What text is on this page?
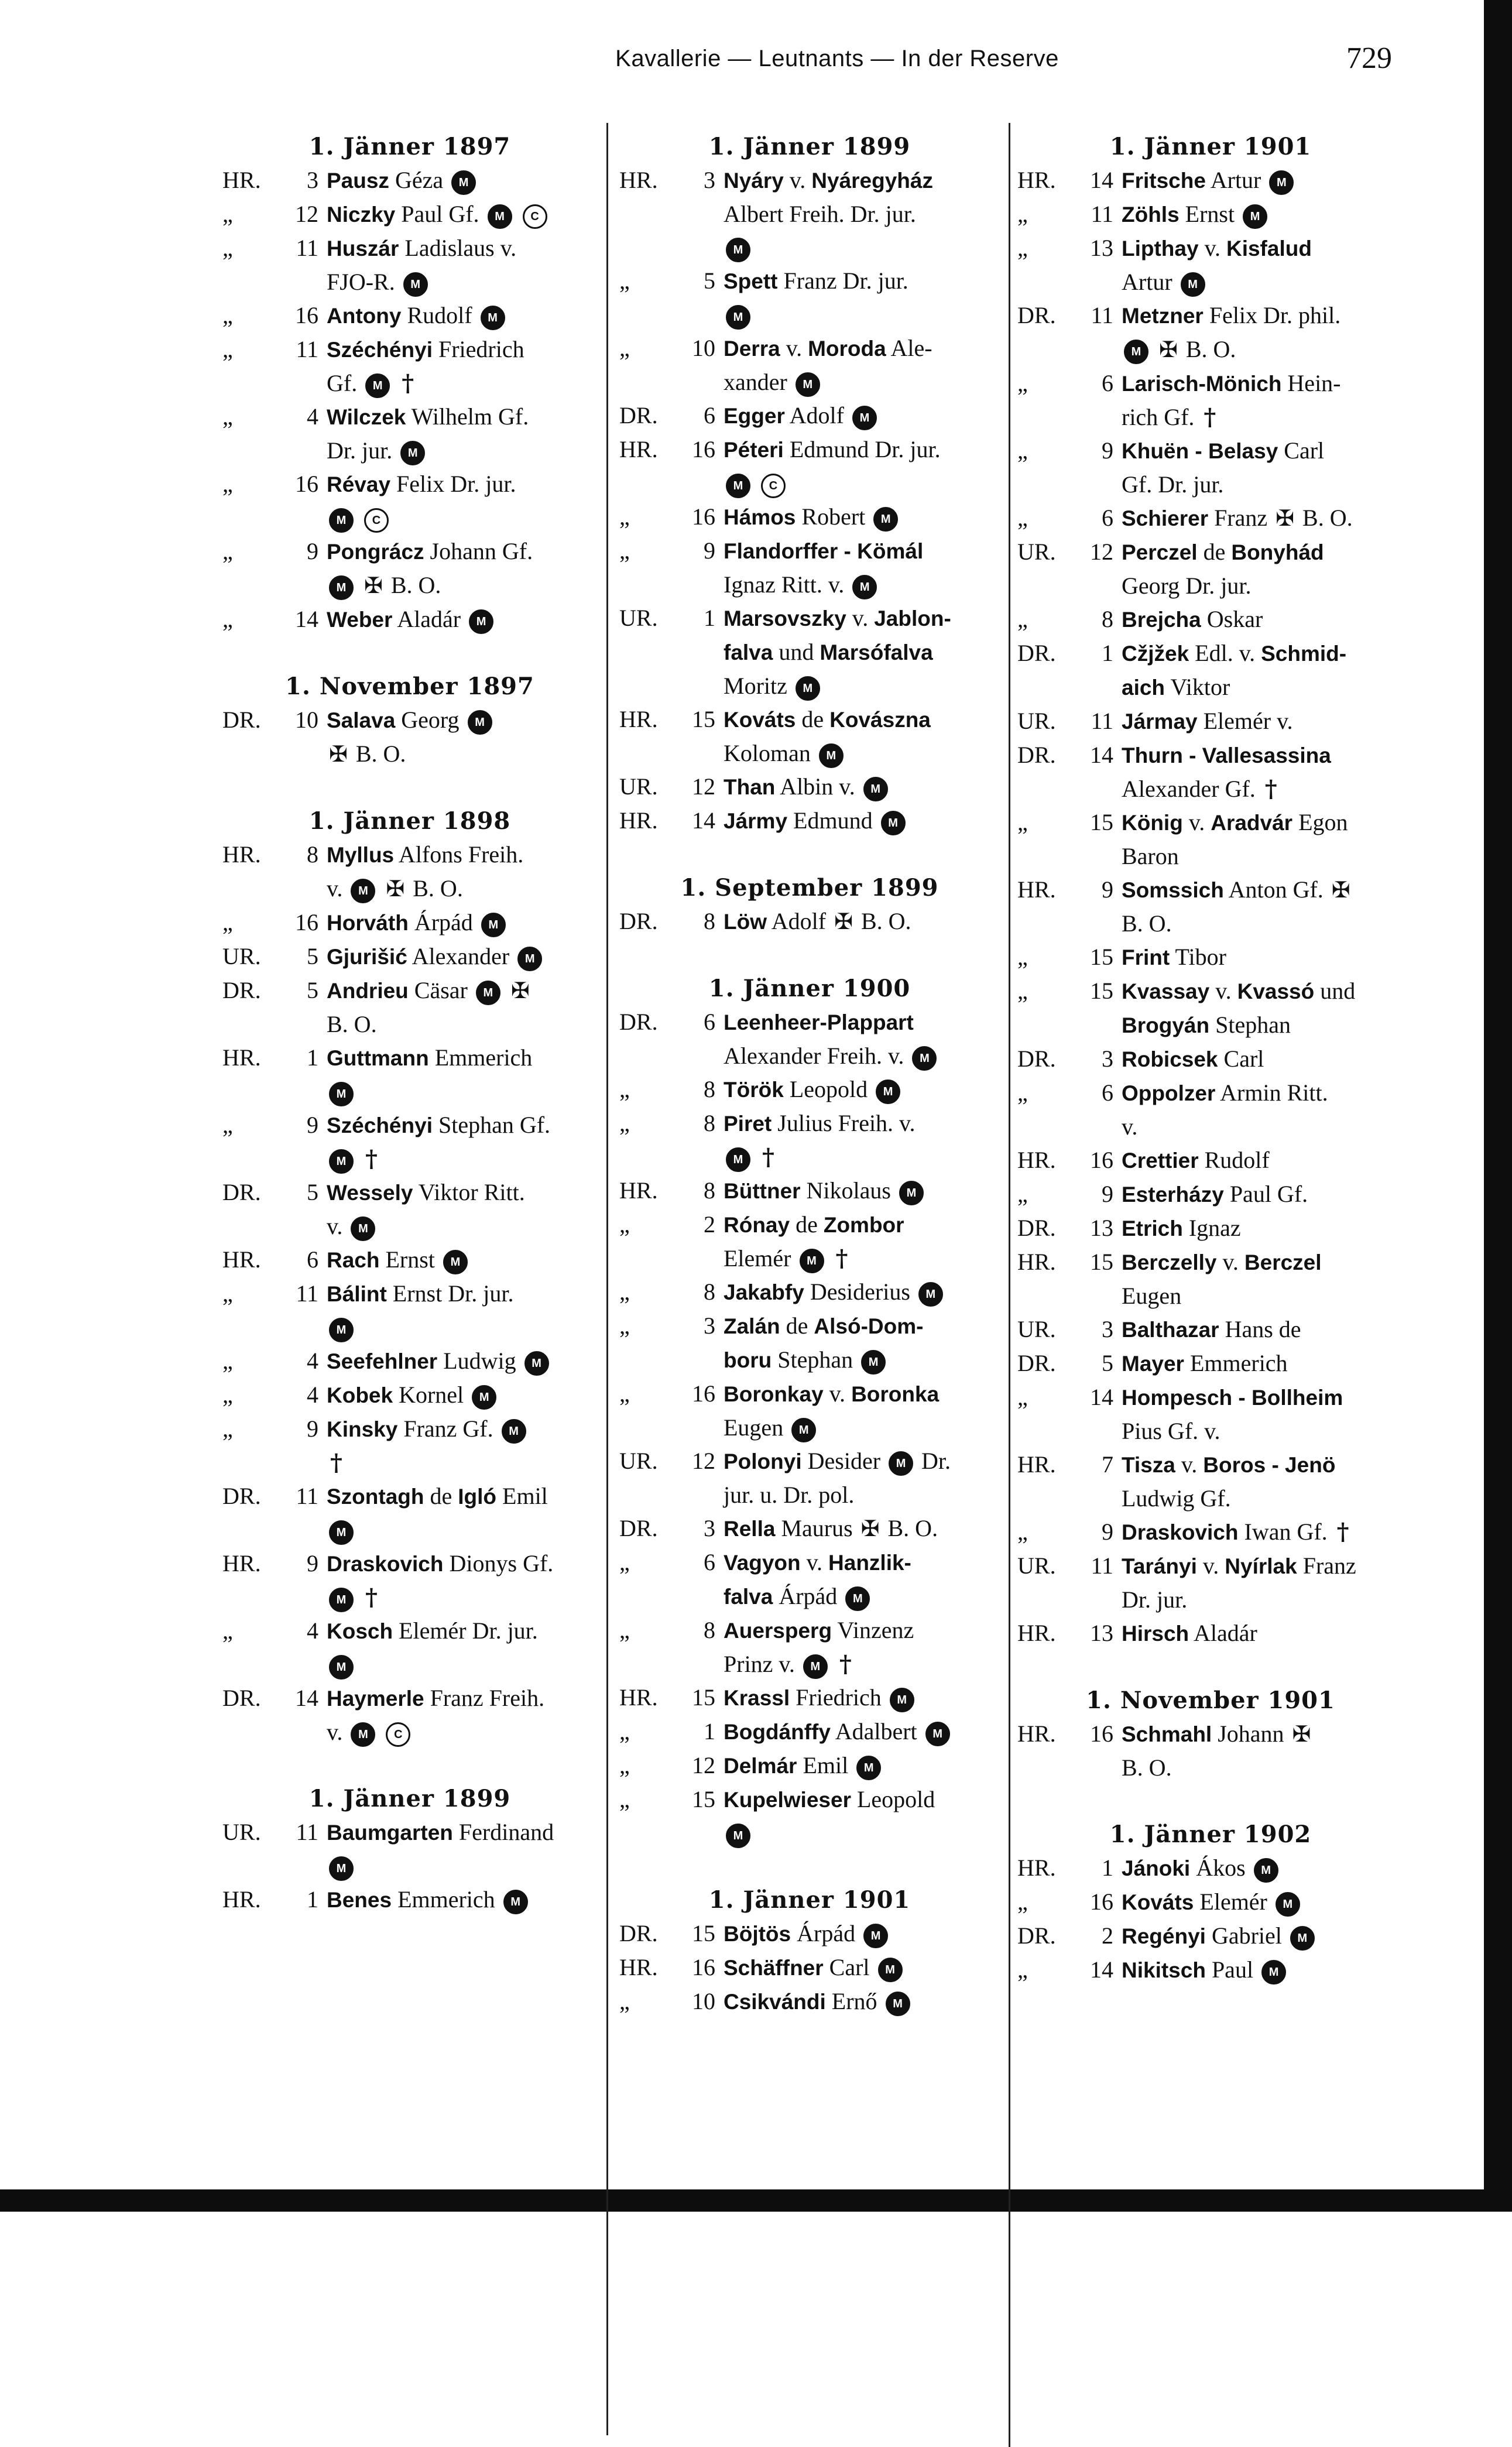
Kavallerie — Leutnants — In der Reserve	729
1. Jänner 1897
HR. 3 Pausz Géza M
„	12 Niczky Paul Gf. M C
„	11 Huszár Ladislaus v.
FJO-R. M
„	16 Antony Rudolf M
„	11 Széchényi Friedrich
Gf. M †
„	4 Wilczek Wilhelm Gf.
Dr. jur. M
„	16 Révay Felix Dr. jur.
M C
„	9 Pongrácz Johann Gf.
M ✠ B. O.
„	14 Weber Aladár M
1. November 1897
DR. 10 Salava Georg M
✠ B. O.
1. Jänner 1898
HR. 8 Myllus Alfons Freih.
v. M ✠ B. O.
„	16 Horváth Árpád M
UR. 5 Gjurišić Alexander M
DR. 5 Andrieu Cäsar M ✠
B. O.
HR. 1 Guttmann Emmerich
M
„	9 Széchényi Stephan Gf.
M †
DR. 5 Wessely Viktor Ritt.
v. M
HR. 6 Rach Ernst M
„	11 Bálint Ernst Dr. jur.
M
„	4 Seefehlner Ludwig M
„	4 Kobek Kornel M
„	9 Kinsky Franz Gf. M
†
DR. 11 Szontagh de Igló Emil
M
HR. 9 Draskovich Dionys Gf.
M †
„	4 Kosch Elemér Dr. jur.
M
DR. 14 Haymerle Franz Freih.
v. M C
1. Jänner 1899
UR. 11 Baumgarten Ferdinand
M
HR. 1 Benes Emmerich M
1. Jänner 1899
HR. 3 Nyáry v. Nyáregyház
Albert Freih. Dr. jur.
M
„	5 Spett Franz Dr. jur.
M
„	10 Derra v. Moroda Ale-
xander M
DR. 6 Egger Adolf M
HR. 16 Péteri Edmund Dr. jur.
M C
„	16 Hámos Robert M
„	9 Flandorffer - Kömál
Ignaz Ritt. v. M
UR. 1 Marsovszky v. Jablon-
falva und Marsófalva
Moritz M
HR. 15 Kováts de Kovászna
Koloman M
UR. 12 Than Albin v. M
HR. 14 Jármy Edmund M
1. September 1899
DR. 8 Löw Adolf ✠ B. O.
1. Jänner 1900
DR. 6 Leenheer-Plappart
Alexander Freih. v. M
„	8 Török Leopold M
„	8 Piret Julius Freih. v.
M †
HR. 8 Büttner Nikolaus M
„	2 Rónay de Zombor
Elemér M †
„	8 Jakabfy Desiderius M
„	3 Zalán de Alsó-Dom-
boru Stephan M
„	16 Boronkay v. Boronka
Eugen M
UR. 12 Polonyi Desider M Dr.
jur. u. Dr. pol.
DR. 3 Rella Maurus ✠ B. O.
„	6 Vagyon v. Hanzlik-
falva Árpád M
„	8 Auersperg Vinzenz
Prinz v. M †
HR. 15 Krassl Friedrich M
„	1 Bogdánffy Adalbert M
„	12 Delmár Emil M
„	15 Kupelwieser Leopold
M
1. Jänner 1901
DR. 15 Böjtös Árpád M
HR. 16 Schäffner Carl M
„	10 Csikvándi Ernő M
1. Jänner 1901
HR. 14 Fritsche Artur M
„	11 Zöhls Ernst M
„	13 Lipthay v. Kisfalud
Artur M
DR. 11 Metzner Felix Dr. phil.
M ✠ B. O.
„	6 Larisch-Mönich Hein-
rich Gf. †
„	9 Khuën - Belasy Carl
Gf. Dr. jur.
„	6 Schierer Franz ✠ B. O.
UR. 12 Perczel de Bonyhád
Georg Dr. jur.
„	8 Brejcha Oskar
DR. 1 Cžjžek Edl. v. Schmid-
aich Viktor
UR. 11 Jármay Elemér v.
DR. 14 Thurn - Vallesassina
Alexander Gf. †
„	15 König v. Aradvár Egon
Baron
HR. 9 Somssich Anton Gf. ✠
B. O.
„	15 Frint Tibor
„	15 Kvassay v. Kvassó und
Brogyán Stephan
DR. 3 Robicsek Carl
„	6 Oppolzer Armin Ritt.
v.
HR. 16 Crettier Rudolf
„	9 Esterházy Paul Gf.
DR. 13 Etrich Ignaz
HR. 15 Berczelly v. Berczel
Eugen
UR. 3 Balthazar Hans de
DR. 5 Mayer Emmerich
„	14 Hompesch - Bollheim
Pius Gf. v.
HR. 7 Tisza v. Boros - Jenö
Ludwig Gf.
„	9 Draskovich Iwan Gf. †
UR. 11 Tarányi v. Nyírlak Franz
Dr. jur.
HR. 13 Hirsch Aladár
1. November 1901
HR. 16 Schmahl Johann ✠
B. O.
1. Jänner 1902
HR. 1 Jánoki Ákos M
„	16 Kováts Elemér M
DR. 2 Regényi Gabriel M
„	14 Nikitsch Paul M
